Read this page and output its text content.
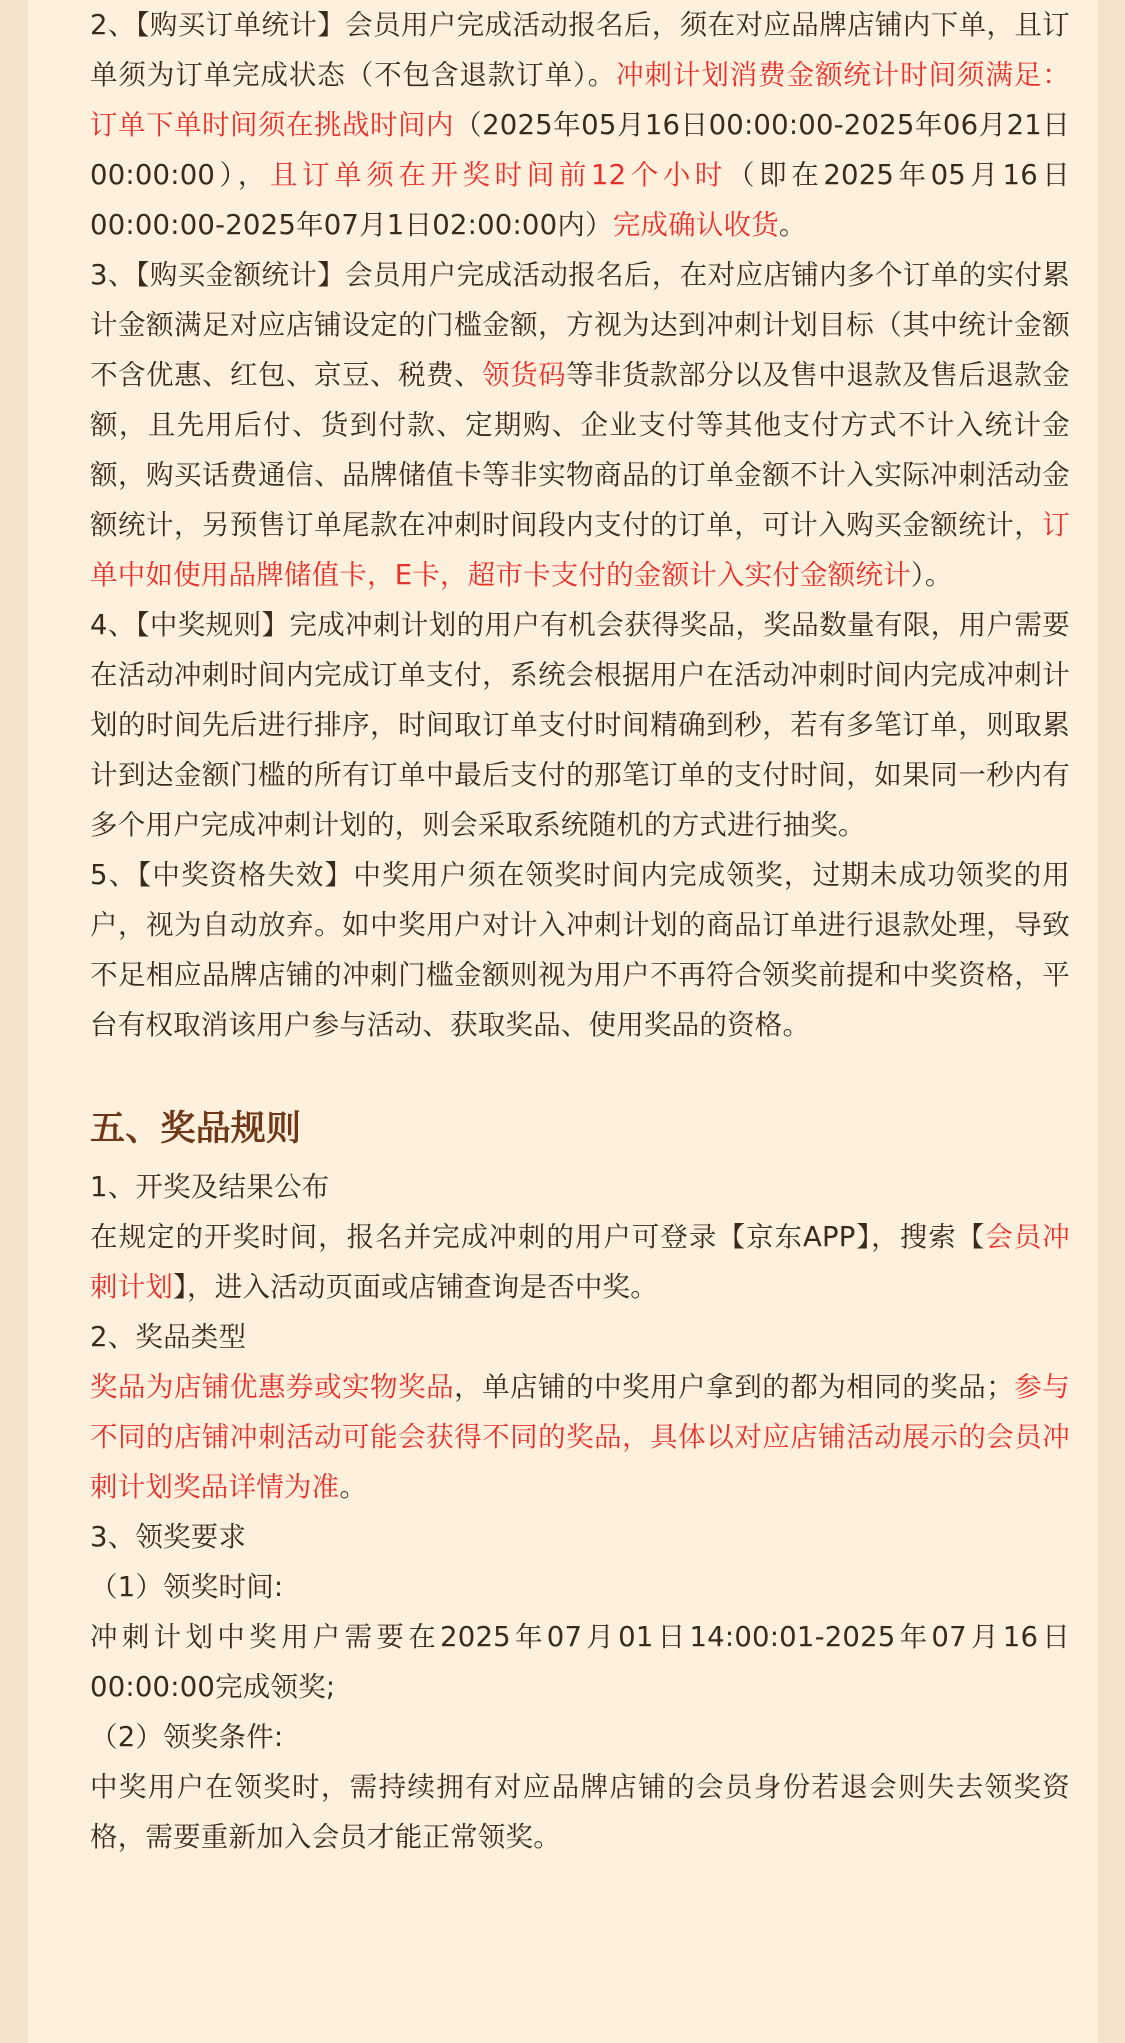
2、【购买订单统计】会员用户完成活动报名后，须在对应品牌店铺内下单，且订单须为订单完成状态（不包含退款订单）。冲刺计划消费金额统计时间须满足：订单下单时间须在挑战时间内（2025年05月16日00:00:00-2025年06月21日00:00:00），且订单须在开奖时间前12个小时（即在2025年05月16日00:00:00-2025年07月1日02:00:00内）完成确认收货。

3、【购买金额统计】会员用户完成活动报名后，在对应店铺内多个订单的实付累计金额满足对应店铺设定的门槛金额，方视为达到冲刺计划目标（其中统计金额不含优惠、红包、京豆、税费、领货码等非货款部分以及售中退款及售后退款金额，且先用后付、货到付款、定期购、企业支付等其他支付方式不计入统计金额，购买话费通信、品牌储值卡等非实物商品的订单金额不计入实际冲刺活动金额统计，另预售订单尾款在冲刺时间段内支付的订单，可计入购买金额统计，订单中如使用品牌储值卡，E卡，超市卡支付的金额计入实付金额统计）。

4、【中奖规则】完成冲刺计划的用户有机会获得奖品，奖品数量有限，用户需要在活动冲刺时间内完成订单支付，系统会根据用户在活动冲刺时间内完成冲刺计划的时间先后进行排序，时间取订单支付时间精确到秒，若有多笔订单，则取累计到达金额门槛的所有订单中最后支付的那笔订单的支付时间，如果同一秒内有多个用户完成冲刺计划的，则会采取系统随机的方式进行抽奖。

5、【中奖资格失效】中奖用户须在领奖时间内完成领奖，过期未成功领奖的用户，视为自动放弃。如中奖用户对计入冲刺计划的商品订单进行退款处理，导致不足相应品牌店铺的冲刺门槛金额则视为用户不再符合领奖前提和中奖资格，平台有权取消该用户参与活动、获取奖品、使用奖品的资格。

五、奖品规则

1、开奖及结果公布

在规定的开奖时间，报名并完成冲刺的用户可登录【京东APP】，搜索【会员冲刺计划】，进入活动页面或店铺查询是否中奖。

2、奖品类型

奖品为店铺优惠券或实物奖品，单店铺的中奖用户拿到的都为相同的奖品；参与不同的店铺冲刺活动可能会获得不同的奖品，具体以对应店铺活动展示的会员冲刺计划奖品详情为准。

3、领奖要求

（1）领奖时间:

冲刺计划中奖用户需要在2025年07月01日14:00:01-2025年07月16日00:00:00完成领奖;

（2）领奖条件:

中奖用户在领奖时，需持续拥有对应品牌店铺的会员身份若退会则失去领奖资格，需要重新加入会员才能正常领奖。
